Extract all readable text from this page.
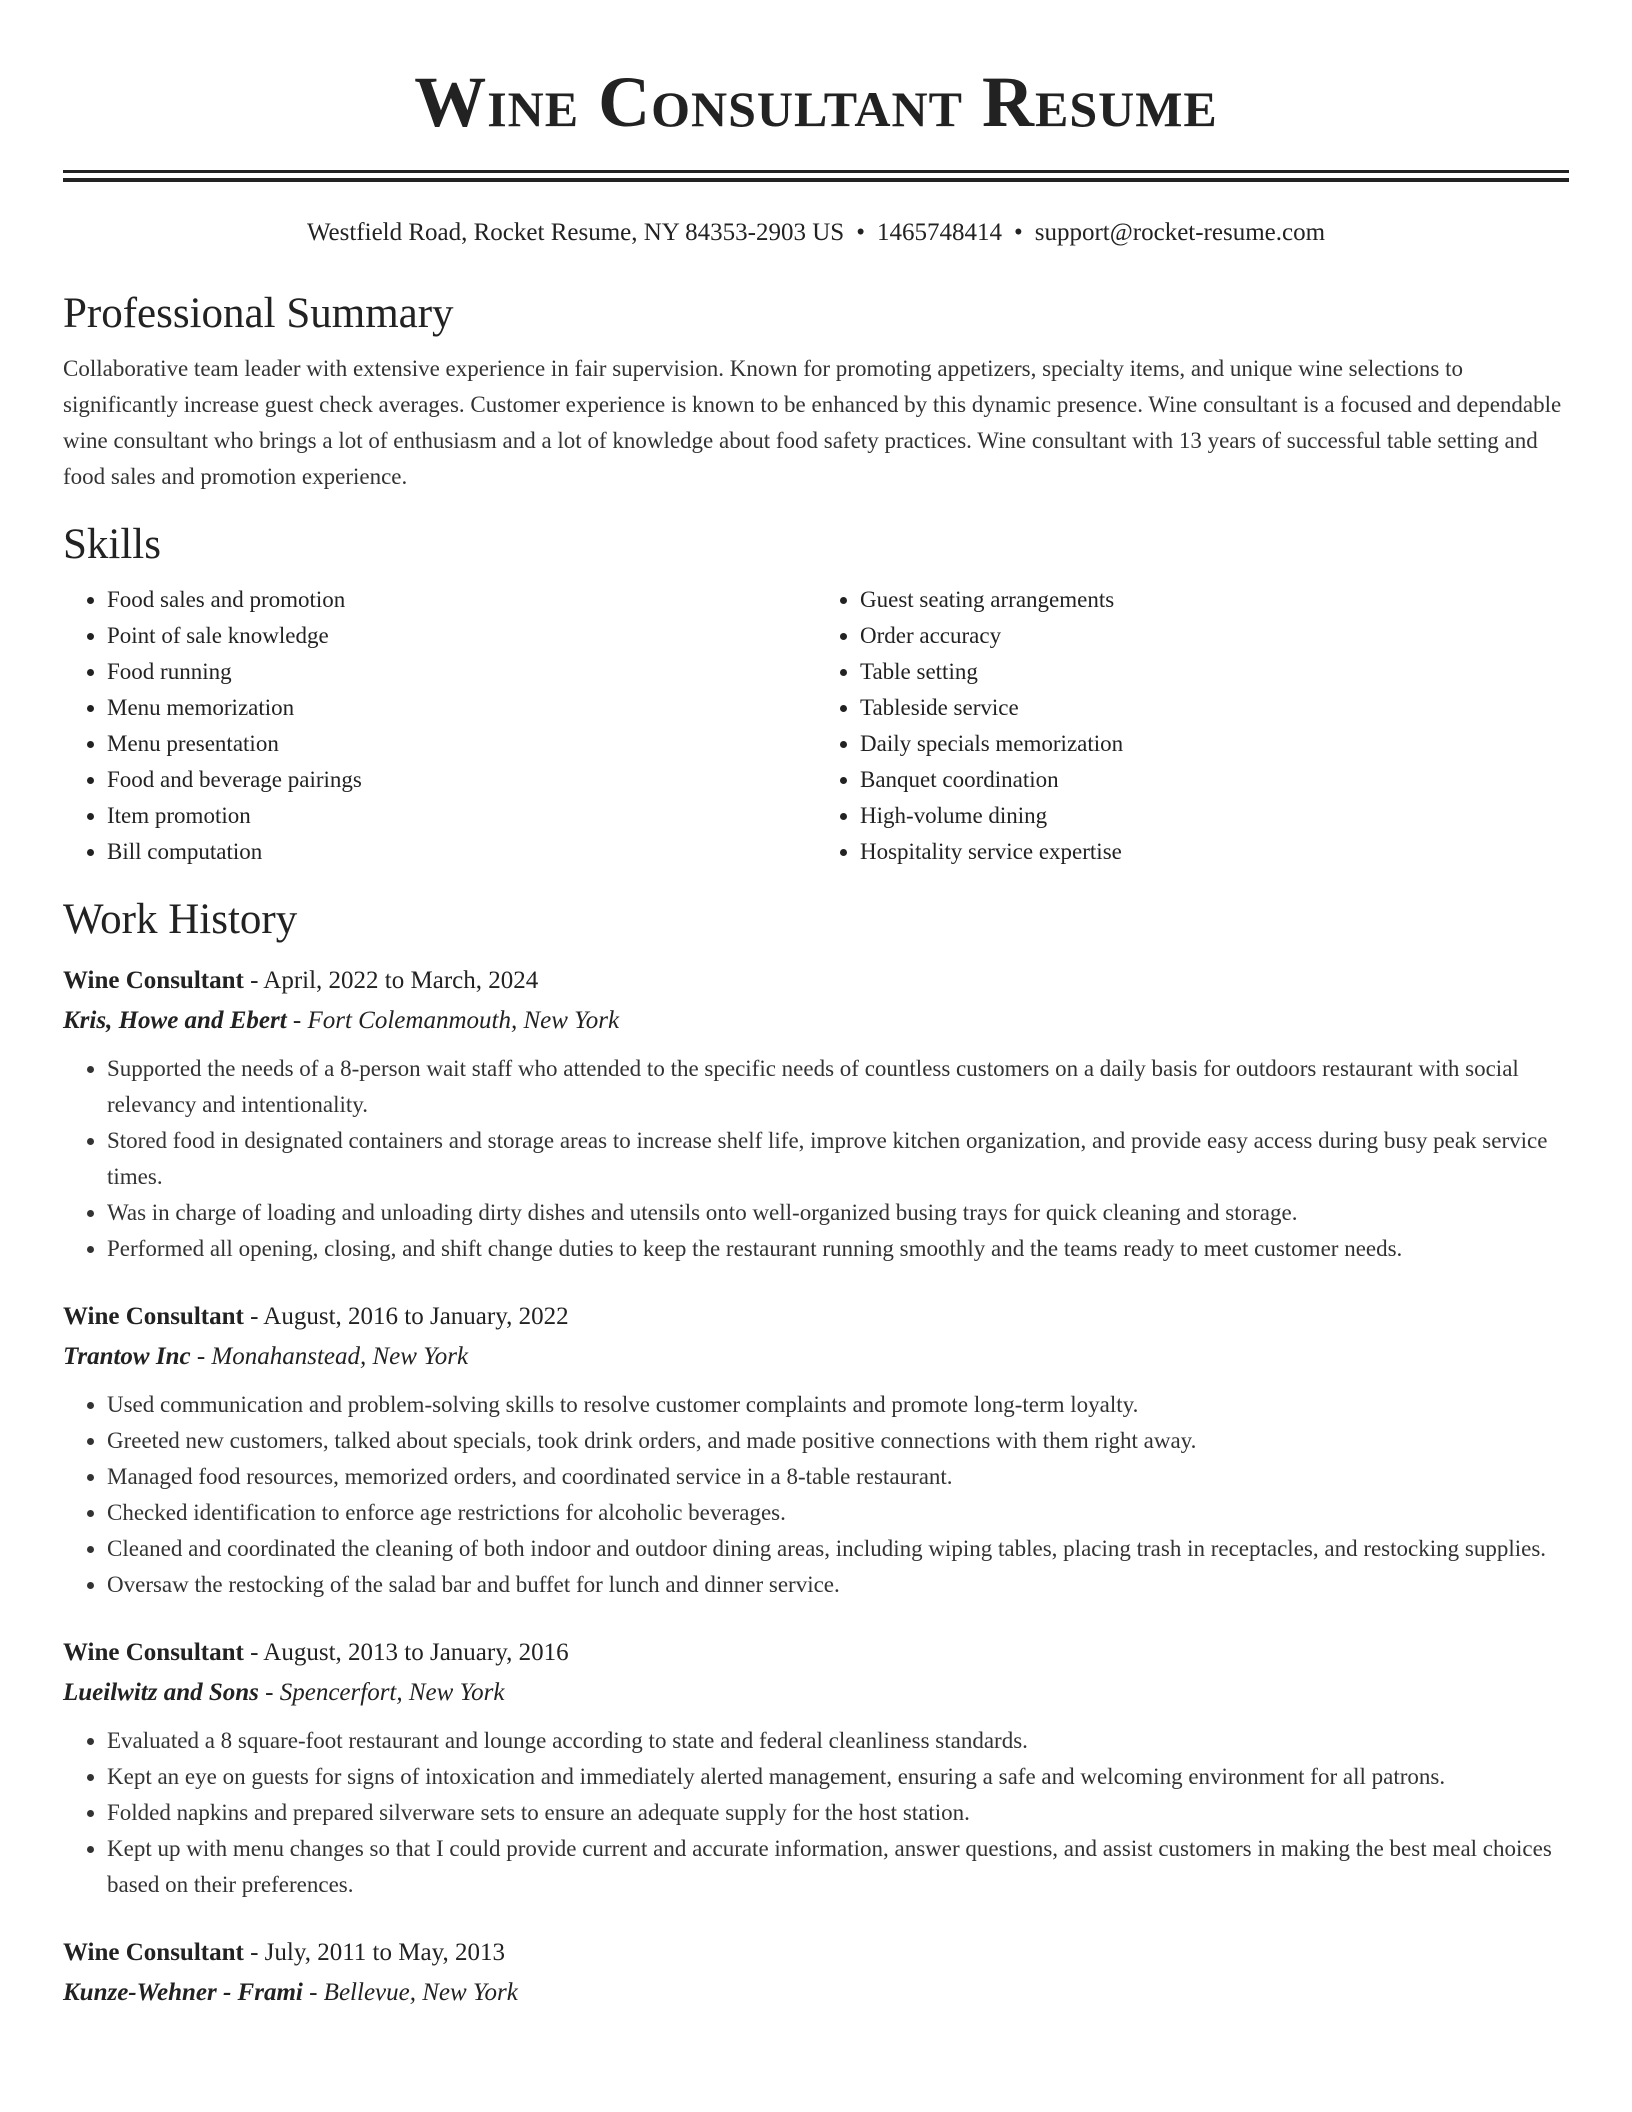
Wine Consultant Resume
Westfield Road, Rocket Resume, NY 84353-2903 US • 1465748414 • support@rocket-resume.com
Professional Summary

Collaborative team leader with extensive experience in fair supervision. Known for promoting appetizers, specialty items, and unique wine selections to significantly increase guest check averages. Customer experience is known to be enhanced by this dynamic presence. Wine consultant is a focused and dependable wine consultant who brings a lot of enthusiasm and a lot of knowledge about food safety practices. Wine consultant with 13 years of successful table setting and food sales and promotion experience.

Skills
• Food sales and promotion
• Point of sale knowledge
• Food running
• Menu memorization
• Menu presentation
• Food and beverage pairings
• Item promotion
• Bill computation
• Guest seating arrangements
• Order accuracy
• Table setting
• Tableside service
• Daily specials memorization
• Banquet coordination
• High-volume dining
• Hospitality service expertise
Work History
Wine Consultant - April, 2022 to March, 2024
Kris, Howe and Ebert - Fort Colemanmouth, New York
• Supported the needs of a 8-person wait staff who attended to the specific needs of countless customers on a daily basis for outdoors restaurant with social relevancy and intentionality.
• Stored food in designated containers and storage areas to increase shelf life, improve kitchen organization, and provide easy access during busy peak service times.
• Was in charge of loading and unloading dirty dishes and utensils onto well-organized busing trays for quick cleaning and storage.
• Performed all opening, closing, and shift change duties to keep the restaurant running smoothly and the teams ready to meet customer needs.
Wine Consultant - August, 2016 to January, 2022
Trantow Inc - Monahanstead, New York
• Used communication and problem-solving skills to resolve customer complaints and promote long-term loyalty.
• Greeted new customers, talked about specials, took drink orders, and made positive connections with them right away.
• Managed food resources, memorized orders, and coordinated service in a 8-table restaurant.
• Checked identification to enforce age restrictions for alcoholic beverages.
• Cleaned and coordinated the cleaning of both indoor and outdoor dining areas, including wiping tables, placing trash in receptacles, and restocking supplies.
• Oversaw the restocking of the salad bar and buffet for lunch and dinner service.
Wine Consultant - August, 2013 to January, 2016
Lueilwitz and Sons - Spencerfort, New York
• Evaluated a 8 square-foot restaurant and lounge according to state and federal cleanliness standards.
• Kept an eye on guests for signs of intoxication and immediately alerted management, ensuring a safe and welcoming environment for all patrons.
• Folded napkins and prepared silverware sets to ensure an adequate supply for the host station.
• Kept up with menu changes so that I could provide current and accurate information, answer questions, and assist customers in making the best meal choices based on their preferences.
Wine Consultant - July, 2011 to May, 2013
Kunze-Wehner - Frami - Bellevue, New York
